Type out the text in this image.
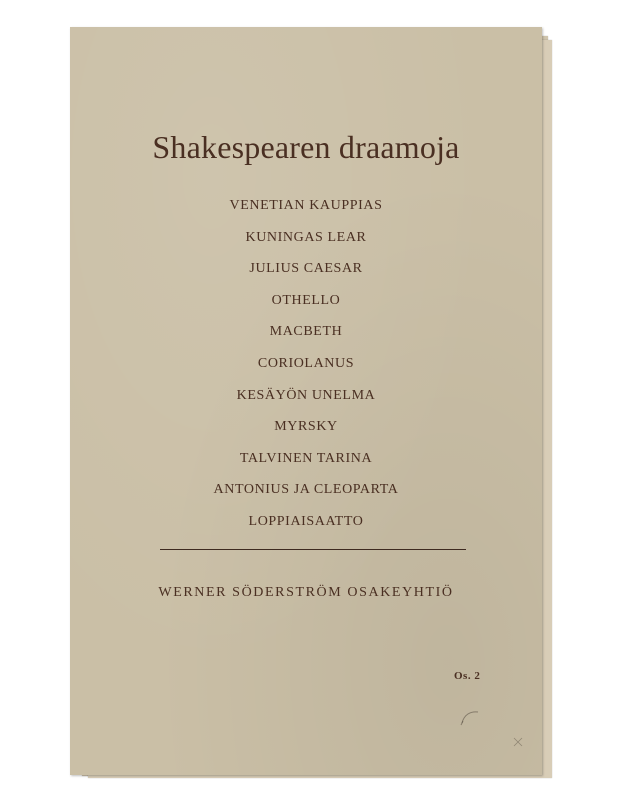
Shakespearen draamoja
VENETIAN KAUPPIAS
KUNINGAS LEAR
JULIUS CAESAR
OTHELLO
MACBETH
CORIOLANUS
KESÄYÖN UNELMA
MYRSKY
TALVINEN TARINA
ANTONIUS JA CLEOPARTA
LOPPIAISAATTO
WERNER SÖDERSTRÖM OSAKEYHTIÖ
Os. 2
